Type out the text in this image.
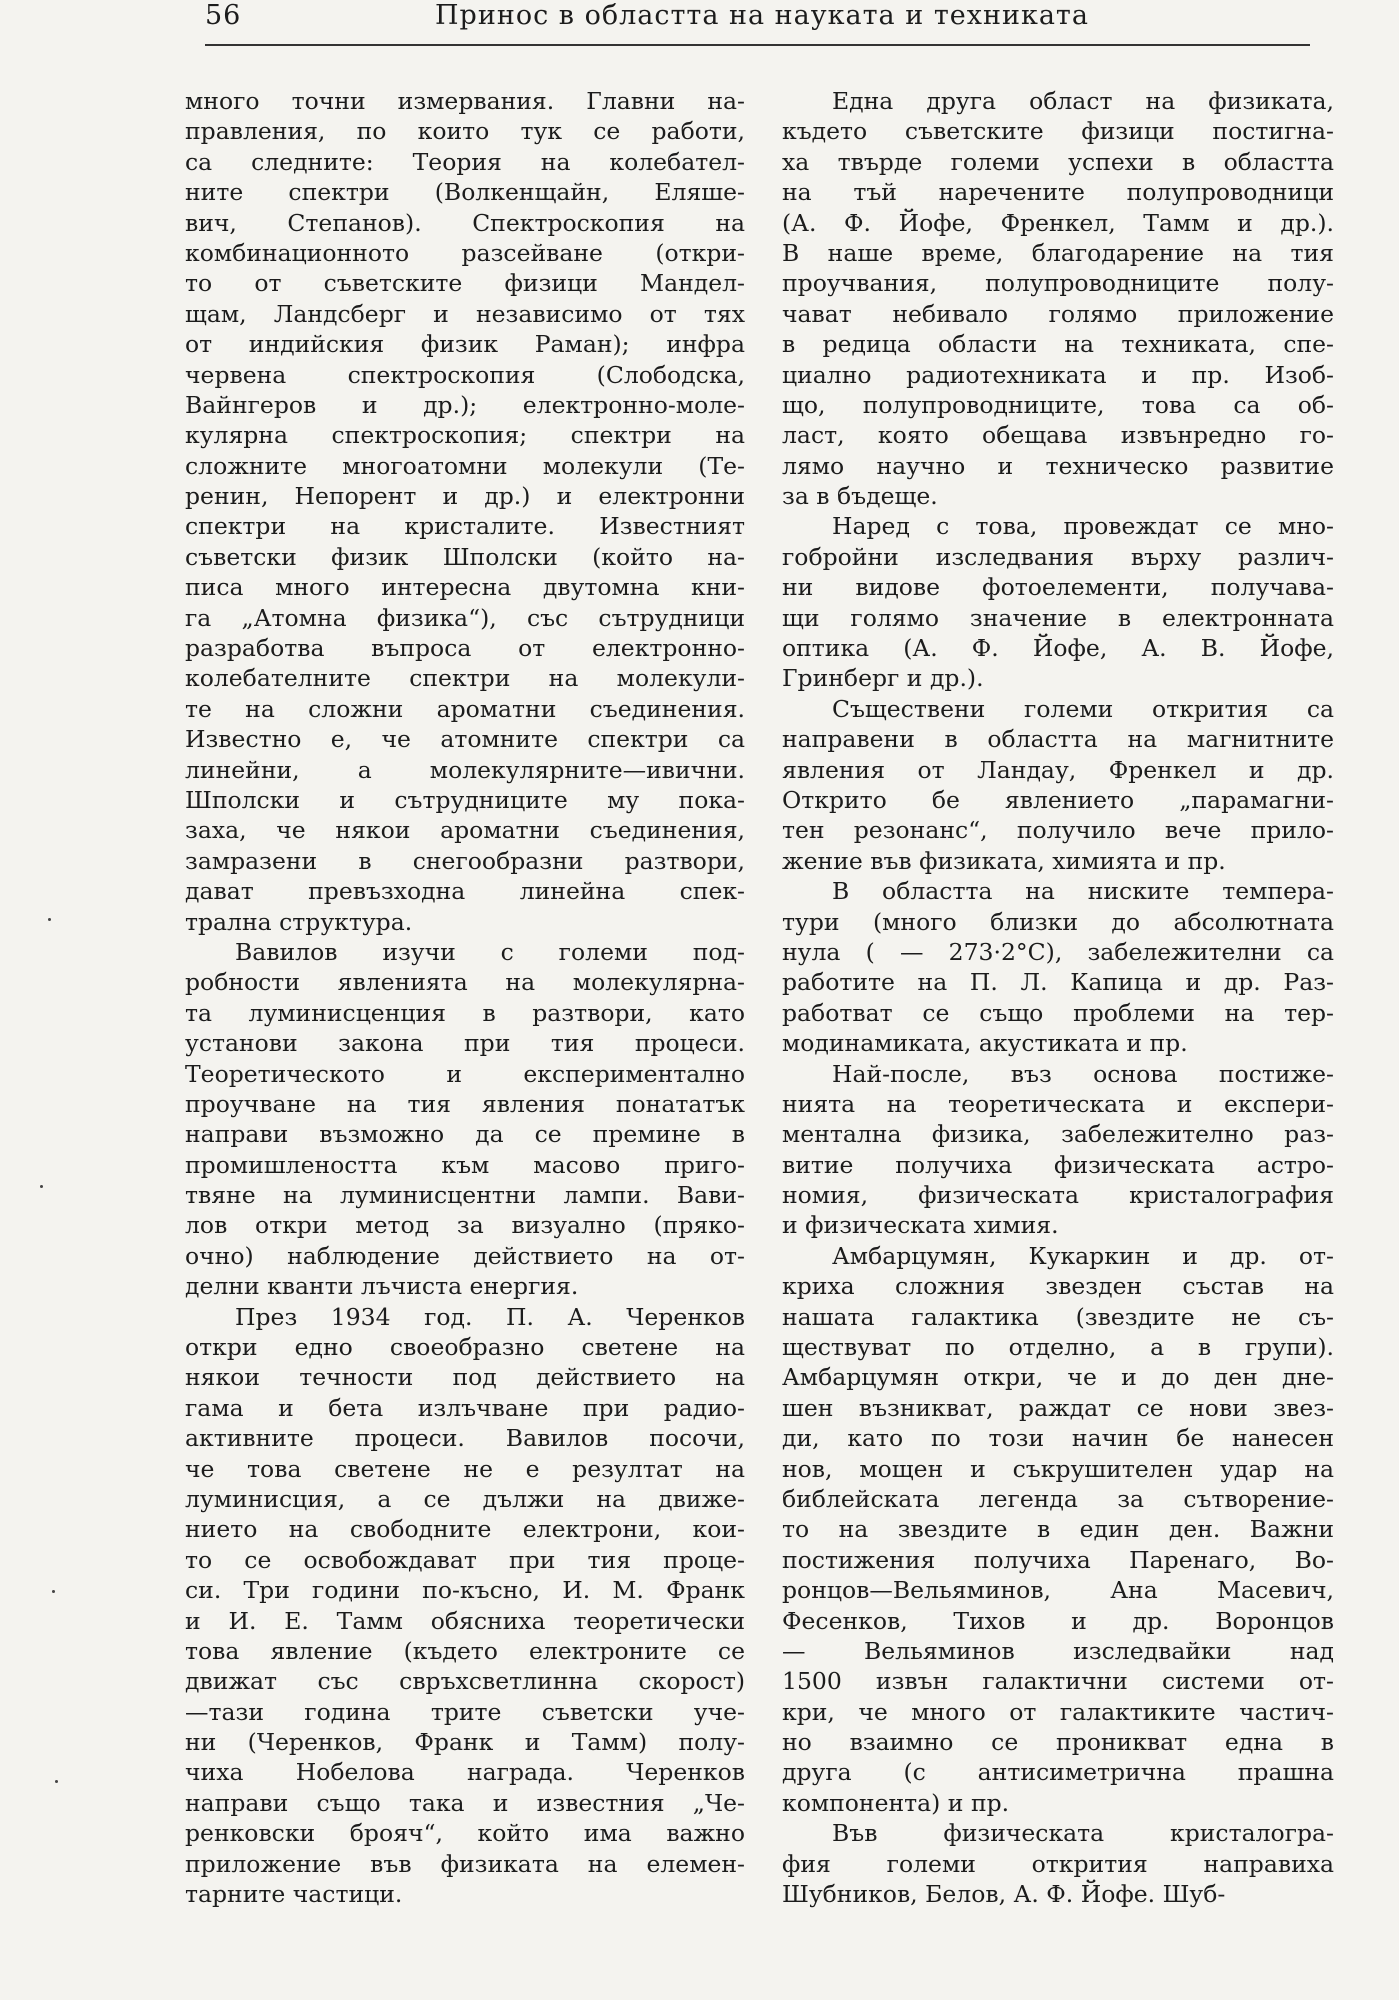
56	Принос в областта на науката и техниката
много точни измервания. Главни на-
правления, по които тук се работи,
са следните: Теория на колебател-
ните спектри (Волкенщайн, Еляше-
вич, Степанов). Спектроскопия на
комбинационното разсейване (откри-
то от съветските физици Мандел-
щам, Ландсберг и независимо от тях
от индийския физик Раман); инфра
червена спектроскопия (Слободска,
Вайнгеров и др.); електронно-моле-
кулярна спектроскопия; спектри на
сложните многоатомни молекули (Те-
ренин, Непорент и др.) и електронни
спектри на кристалите. Известният
съветски физик Шполски (който на-
писа много интересна двутомна кни-
га „Атомна физика“), със сътрудници
разработва въпроса от електронно-
колебателните спектри на молекули-
те на сложни ароматни съединения.
Известно е, че атомните спектри са
линейни, а молекулярните—ивични.
Шполски и сътрудниците му пока-
заха, че някои ароматни съединения,
замразени в снегообразни разтвори,
дават превъзходна линейна спек-
трална структура.
Вавилов изучи с големи под-
робности явленията на молекулярна-
та луминисценция в разтвори, като
установи закона при тия процеси.
Теоретическото и експериментално
проучване на тия явления понататък
направи възможно да се премине в
промишлеността към масово приго-
твяне на луминисцентни лампи. Вави-
лов откри метод за визуално (пряко-
очно) наблюдение действието на от-
делни кванти лъчиста енергия.
През 1934 год. П. А. Черенков
откри едно своеобразно светене на
някои течности под действието на
гама и бета излъчване при радио-
активните процеси. Вавилов посочи,
че това светене не е резултат на
луминисция, а се дължи на движе-
нието на свободните електрони, кои-
то се освобождават при тия проце-
си. Три години по-късно, И. М. Франк
и И. Е. Тамм обясниха теоретически
това явление (където електроните се
движат със свръхсветлинна скорост)
—тази година трите съветски уче-
ни (Черенков, Франк и Тамм) полу-
чиха Нобелова награда. Черенков
направи също така и известния „Че-
ренковски брояч“, който има важно
приложение във физиката на елемен-
тарните частици.
Една друга област на физиката,
където съветските физици постигна-
ха твърде големи успехи в областта
на тъй наречените полупроводници
(А. Ф. Йофе, Френкел, Тамм и др.).
В наше време, благодарение на тия
проучвания, полупроводниците полу-
чават небивало голямо приложение
в редица области на техниката, спе-
циално радиотехниката и пр. Изоб-
що, полупроводниците, това са об-
ласт, която обещава извънредно го-
лямо научно и техническо развитие
за в бъдеще.
Наред с това, провеждат се мно-
гобройни изследвания върху различ-
ни видове фотоелементи, получава-
щи голямо значение в електронната
оптика (А. Ф. Йофе, А. В. Йофе,
Гринберг и др.).
Съществени големи открития са
направени в областта на магнитните
явления от Ландау, Френкел и др.
Открито бе явлението „парамагни-
тен резонанс“, получило вече прило-
жение във физиката, химията и пр.
В областта на ниските темпера-
тури (много близки до абсолютната
нула ( — 273·2°С), забележителни са
работите на П. Л. Капица и др. Раз-
работват се също проблеми на тер-
модинамиката, акустиката и пр.
Най-после, въз основа постиже-
нията на теоретическата и експери-
ментална физика, забележително раз-
витие получиха физическата астро-
номия, физическата кристалография
и физическата химия.
Амбарцумян, Кукаркин и др. от-
криха сложния звезден състав на
нашата галактика (звездите не съ-
ществуват по отделно, а в групи).
Амбарцумян откри, че и до ден дне-
шен възникват, раждат се нови звез-
ди, като по този начин бе нанесен
нов, мощен и съкрушителен удар на
библейската легенда за сътворение-
то на звездите в един ден. Важни
постижения получиха Паренаго, Во-
ронцов—Вельяминов, Ана Масевич,
Фесенков, Тихов и др. Воронцов
— Вельяминов изследвайки над
1500 извън галактични системи от-
кри, че много от галактиките частич-
но взаимно се проникват една в
друга (с антисиметрична прашна
компонента) и пр.
Във физическата кристалогра-
фия големи открития направиха
Шубников, Белов, А. Ф. Йофе. Шуб-
